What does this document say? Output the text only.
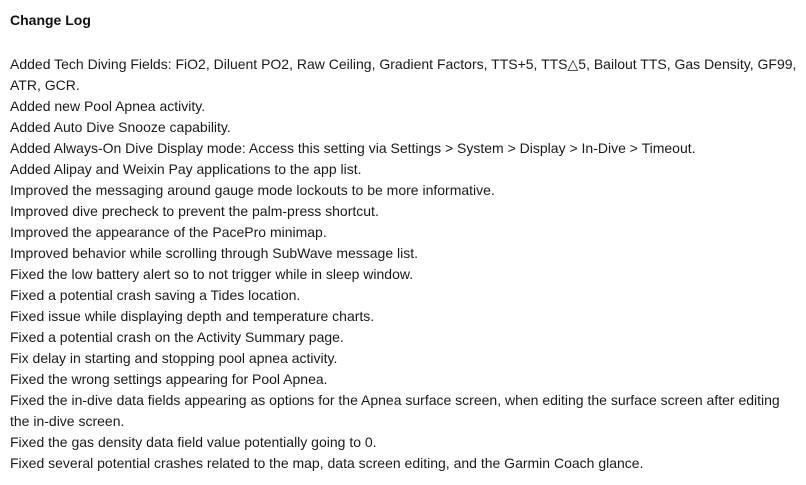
Change Log
Added Tech Diving Fields: FiO2, Diluent PO2, Raw Ceiling, Gradient Factors, TTS+5, TTS△5, Bailout TTS, Gas Density, GF99, ATR, GCR.
Added new Pool Apnea activity.
Added Auto Dive Snooze capability.
Added Always-On Dive Display mode: Access this setting via Settings > System > Display > In-Dive > Timeout.
Added Alipay and Weixin Pay applications to the app list.
Improved the messaging around gauge mode lockouts to be more informative.
Improved dive precheck to prevent the palm-press shortcut.
Improved the appearance of the PacePro minimap.
Improved behavior while scrolling through SubWave message list.
Fixed the low battery alert so to not trigger while in sleep window.
Fixed a potential crash saving a Tides location.
Fixed issue while displaying depth and temperature charts.
Fixed a potential crash on the Activity Summary page.
Fix delay in starting and stopping pool apnea activity.
Fixed the wrong settings appearing for Pool Apnea.
Fixed the in-dive data fields appearing as options for the Apnea surface screen, when editing the surface screen after editing the in-dive screen.
Fixed the gas density data field value potentially going to 0.
Fixed several potential crashes related to the map, data screen editing, and the Garmin Coach glance.
